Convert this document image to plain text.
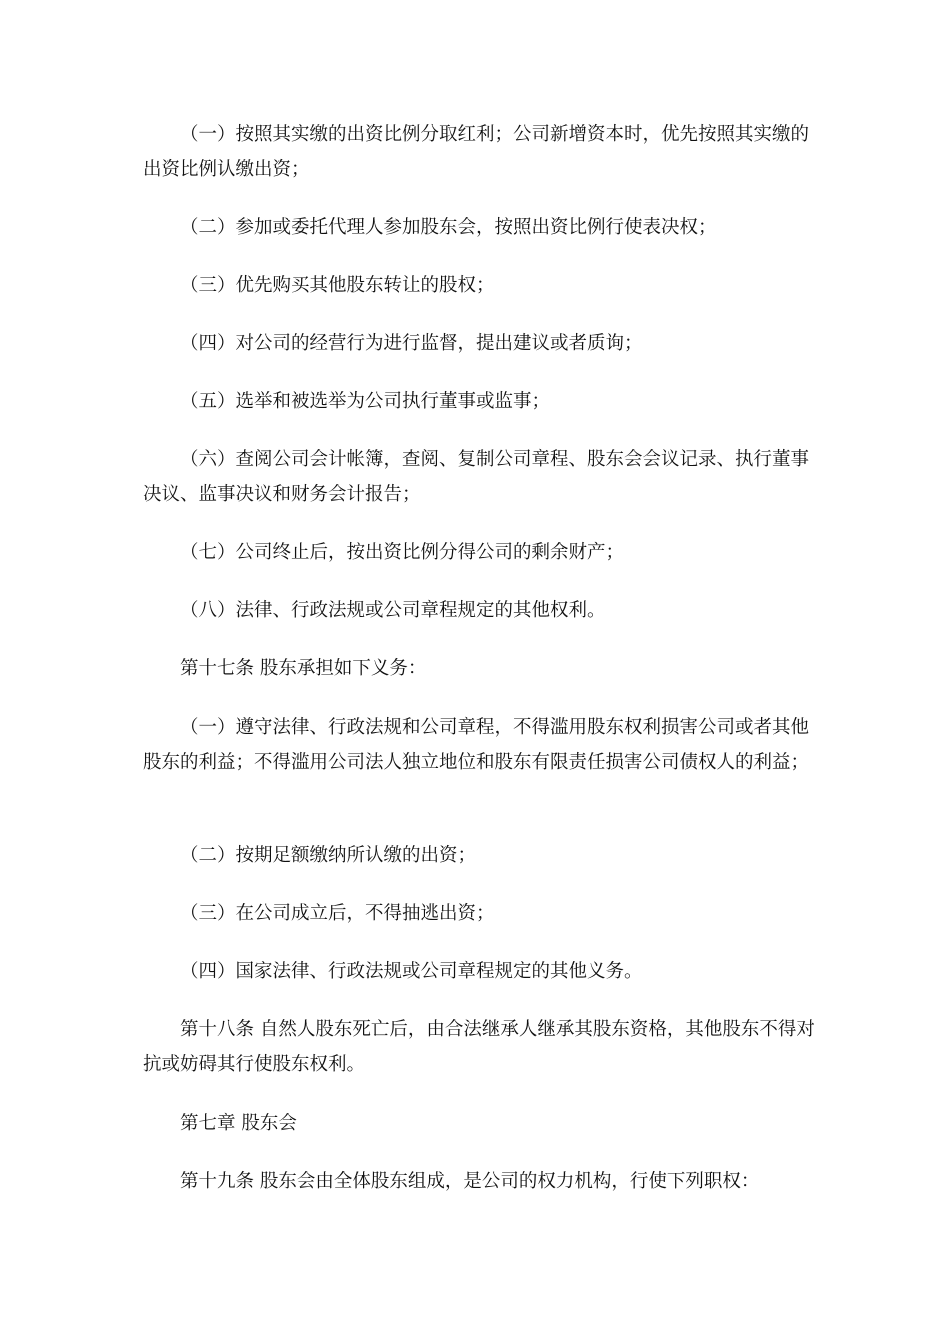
（一）按照其实缴的出资比例分取红利；公司新增资本时，优先按照其实缴的出资比例认缴出资；

（二）参加或委托代理人参加股东会，按照出资比例行使表决权；

（三）优先购买其他股东转让的股权；

（四）对公司的经营行为进行监督，提出建议或者质询；

（五）选举和被选举为公司执行董事或监事；

（六）查阅公司会计帐簿，查阅、复制公司章程、股东会会议记录、执行董事决议、监事决议和财务会计报告；

（七）公司终止后，按出资比例分得公司的剩余财产；

（八）法律、行政法规或公司章程规定的其他权利。

第十七条 股东承担如下义务：

（一）遵守法律、行政法规和公司章程，不得滥用股东权利损害公司或者其他股东的利益；不得滥用公司法人独立地位和股东有限责任损害公司债权人的利益；

（二）按期足额缴纳所认缴的出资；

（三）在公司成立后，不得抽逃出资；

（四）国家法律、行政法规或公司章程规定的其他义务。

第十八条 自然人股东死亡后，由合法继承人继承其股东资格，其他股东不得对抗或妨碍其行使股东权利。

第七章 股东会

第十九条 股东会由全体股东组成，是公司的权力机构，行使下列职权：
